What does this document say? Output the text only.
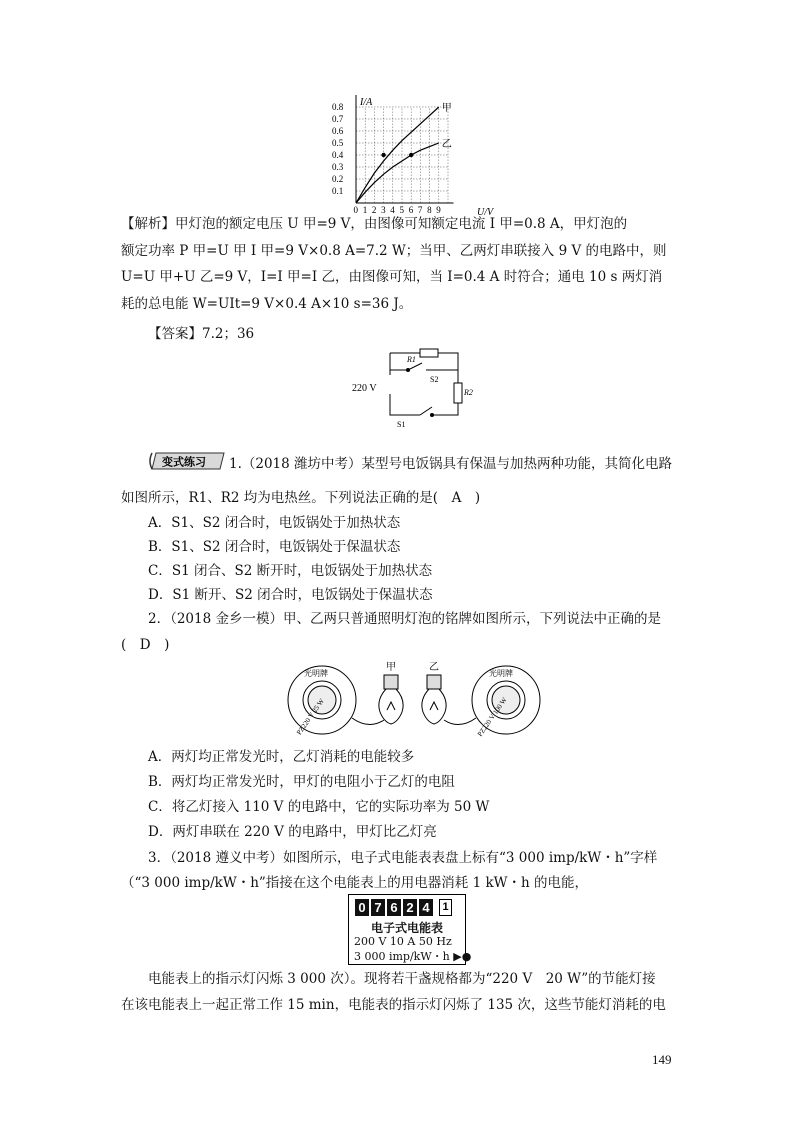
0 1 2 3 4 5 6 7 8 9
0.1
0.2
0.3
0.4
0.5
0.6
0.7
0.8	甲
乙
I/A
U/V
【解析】甲灯泡的额定电压 U 甲=9 V，由图像可知额定电流 I 甲=0.8 A，甲灯泡的
额定功率 P 甲=U 甲 I 甲=9 V×0.8 A=7.2 W；当甲、乙两灯串联接入 9 V 的电路中，则
U=U 甲+U 乙=9 V，I=I 甲=I 乙，由图像可知，当 I=0.4 A 时符合；通电 10 s 两灯消
耗的总电能 W=UIt=9 V×0.4 A×10 s=36 J。
【答案】7.2；36
220 V
R1
S2
R2
S1
变式练习 1.（2018 潍坊中考）某型号电饭锅具有保温与加热两种功能，其简化电路
如图所示，R1、R2 均为电热丝。下列说法正确的是(　A　)
A．S1、S2 闭合时，电饭锅处于加热状态
B．S1、S2 闭合时，电饭锅处于保温状态
C．S1 闭合、S2 断开时，电饭锅处于加热状态
D．S1 断开、S2 闭合时，电饭锅处于保温状态
2．（2018 金乡一模）甲、乙两只普通照明灯泡的铭牌如图所示，下列说法中正确的是
(　D　)
甲	乙
光明牌
PZ220 V 25 W
光明牌
PZ220 V 100 W
A．两灯均正常发光时，乙灯消耗的电能较多
B．两灯均正常发光时，甲灯的电阻小于乙灯的电阻
C．将乙灯接入 110 V 的电路中，它的实际功率为 50 W
D．两灯串联在 220 V 的电路中，甲灯比乙灯亮
3．（2018 遵义中考）如图所示，电子式电能表表盘上标有“3 000 imp/kW・h”字样
（“3 000 imp/kW・h”指接在这个电能表上的用电器消耗 1 kW・h 的电能，
0 7 6 2 4	1
电子式电能表
200 V 10 A 50 Hz
3 000 imp/kW・h ▶●
电能表上的指示灯闪烁 3 000 次）。现将若干盏规格都为“220 V　20 W”的节能灯接
在该电能表上一起正常工作 15 min，电能表的指示灯闪烁了 135 次，这些节能灯消耗的电
149
